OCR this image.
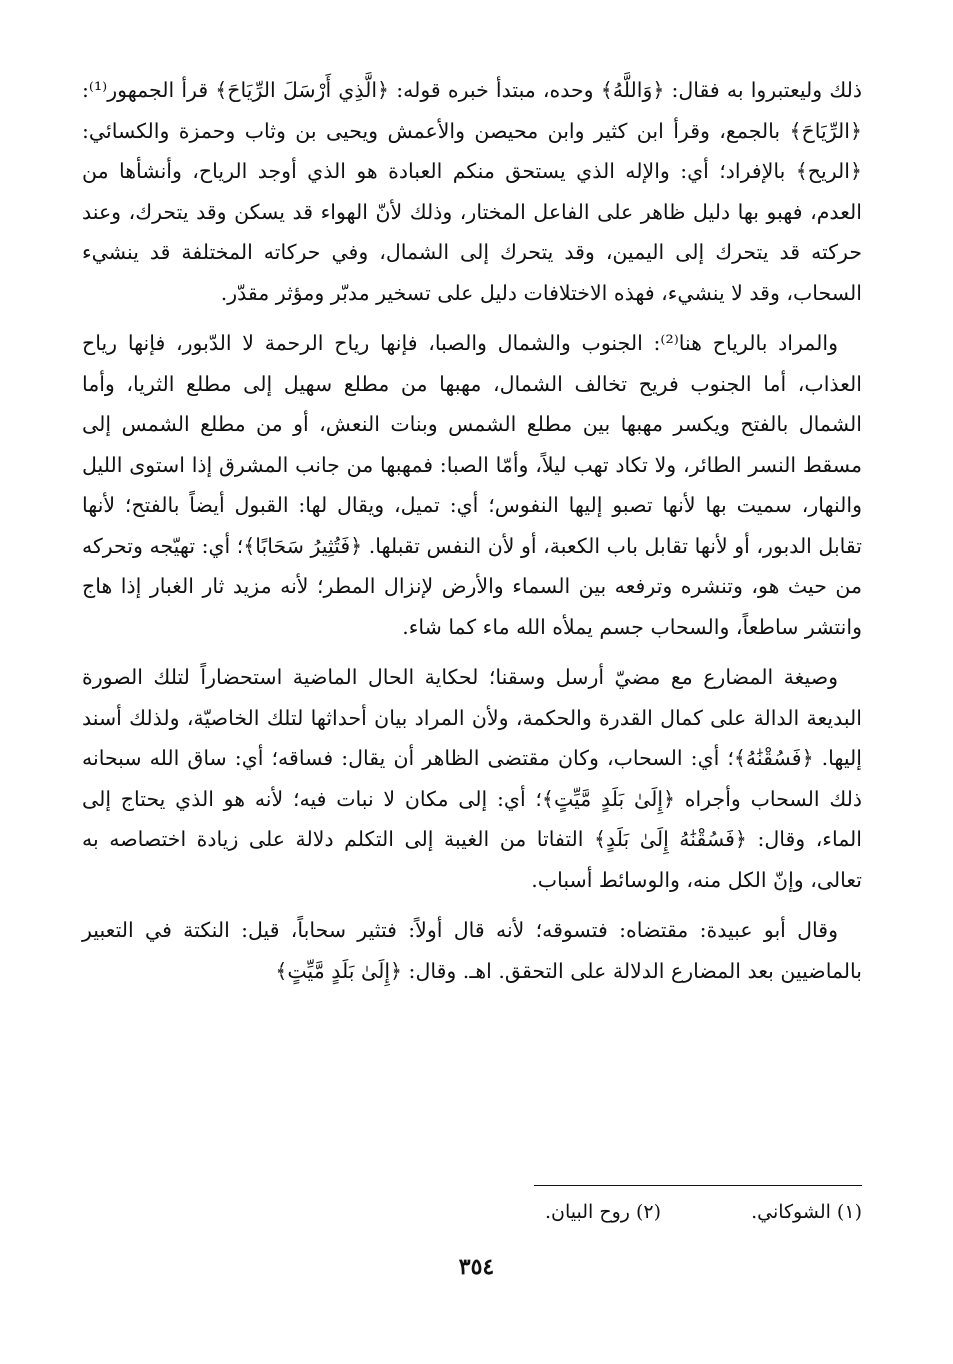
ذلك وليعتبروا به فقال: ﴿وَاللَّهُ﴾ وحده، مبتدأ خبره قوله: ﴿الَّذِي أَرْسَلَ الرِّيَاحَ﴾ قرأ الجمهور⁽¹⁾: ﴿الرِّيَاحَ﴾ بالجمع، وقرأ ابن كثير وابن محيصن والأعمش ويحيى بن وثاب وحمزة والكسائي: ﴿الريح﴾ بالإفراد؛ أي: والإله الذي يستحق منكم العبادة هو الذي أوجد الرياح، وأنشأها من العدم، فهبو بها دليل ظاهر على الفاعل المختار، وذلك لأنّ الهواء قد يسكن وقد يتحرك، وعند حركته قد يتحرك إلى اليمين، وقد يتحرك إلى الشمال، وفي حركاته المختلفة قد ينشيء السحاب، وقد لا ينشيء، فهذه الاختلافات دليل على تسخير مدبّر ومؤثر مقدّر.

والمراد بالرياح هنا⁽²⁾: الجنوب والشمال والصبا، فإنها رياح الرحمة لا الدّبور، فإنها رياح العذاب، أما الجنوب فريح تخالف الشمال، مهبها من مطلع سهيل إلى مطلع الثريا، وأما الشمال بالفتح ويكسر مهبها بين مطلع الشمس وبنات النعش، أو من مطلع الشمس إلى مسقط النسر الطائر، ولا تكاد تهب ليلاً، وأمّا الصبا: فمهبها من جانب المشرق إذا استوى الليل والنهار، سميت بها لأنها تصبو إليها النفوس؛ أي: تميل، ويقال لها: القبول أيضاً بالفتح؛ لأنها تقابل الدبور، أو لأنها تقابل باب الكعبة، أو لأن النفس تقبلها. ﴿فَتُثِيرُ سَحَابًا﴾؛ أي: تهيّجه وتحركه من حيث هو، وتنشره وترفعه بين السماء والأرض لإنزال المطر؛ لأنه مزيد ثار الغبار إذا هاج وانتشر ساطعاً، والسحاب جسم يملأه الله ماء كما شاء.

وصيغة المضارع مع مضيّ أرسل وسقنا؛ لحكاية الحال الماضية استحضاراً لتلك الصورة البديعة الدالة على كمال القدرة والحكمة، ولأن المراد بيان أحداثها لتلك الخاصيّة، ولذلك أسند إليها. ﴿فَسُقْنَٰهُ﴾؛ أي: السحاب، وكان مقتضى الظاهر أن يقال: فساقه؛ أي: ساق الله سبحانه ذلك السحاب وأجراه ﴿إِلَىٰ بَلَدٍ مَّيِّتٍ﴾؛ أي: إلى مكان لا نبات فيه؛ لأنه هو الذي يحتاج إلى الماء، وقال: ﴿فَسُقْنَٰهُ إِلَىٰ بَلَدٍ﴾ التفاتا من الغيبة إلى التكلم دلالة على زيادة اختصاصه به تعالى، وإنّ الكل منه، والوسائط أسباب.

وقال أبو عبيدة: مقتضاه: فتسوقه؛ لأنه قال أولاً: فتثير سحاباً، قيل: النكتة في التعبير بالماضيين بعد المضارع الدلالة على التحقق. اهـ. وقال: ﴿إِلَىٰ بَلَدٍ مَّيِّتٍ﴾

(١) الشوكاني.
(٢) روح البيان.
٣٥٤
